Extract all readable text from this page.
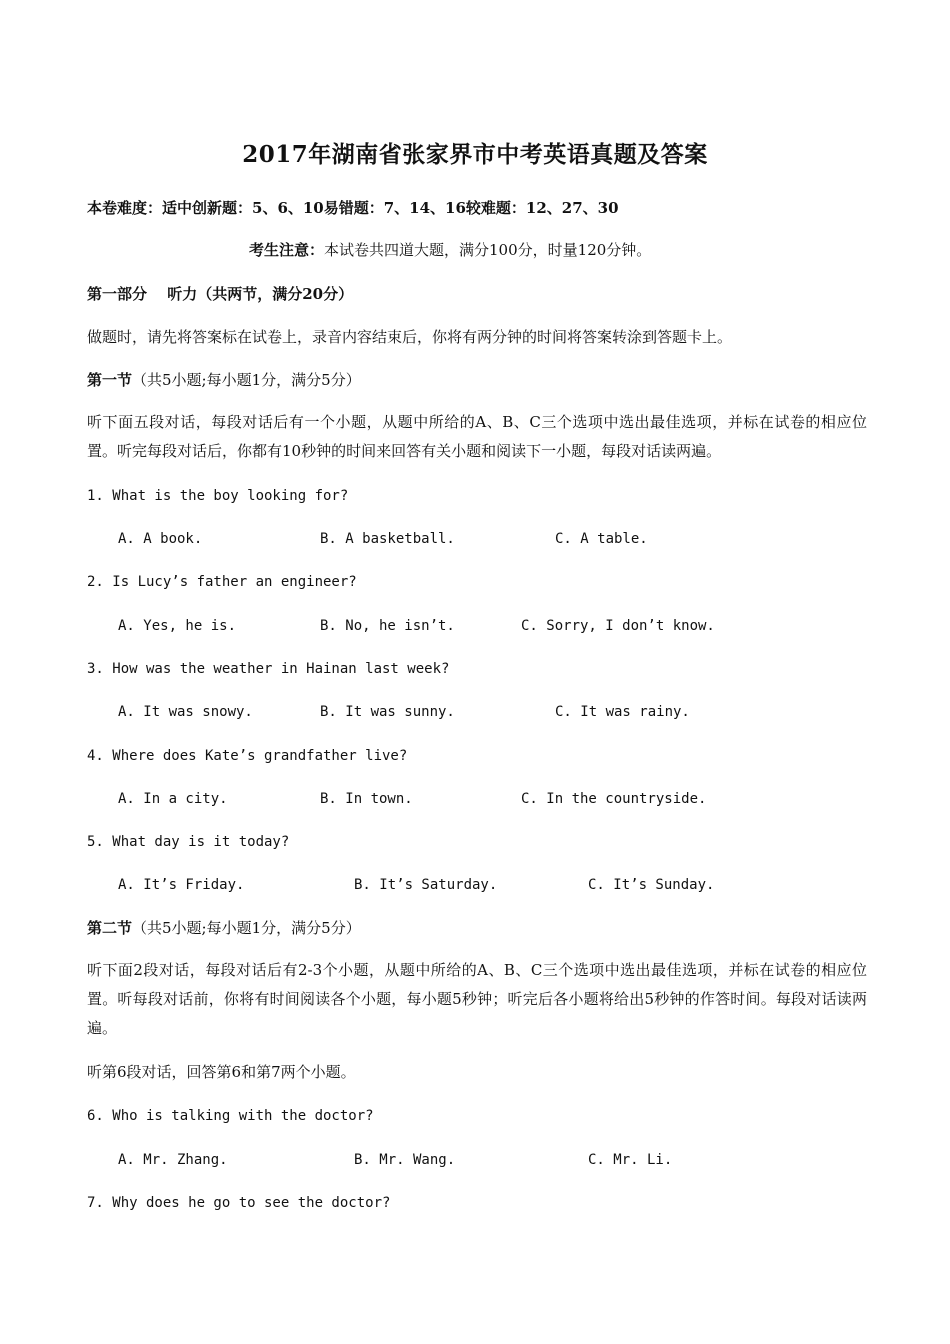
2017年湖南省张家界市中考英语真题及答案
本卷难度：适中创新题：5、6、10易错题：7、14、16较难题：12、27、30
考生注意：本试卷共四道大题，满分100分，时量120分钟。
第一部分　 听力（共两节，满分20分）
做题时，请先将答案标在试卷上，录音内容结束后，你将有两分钟的时间将答案转涂到答题卡上。
第一节（共5小题;每小题1分，满分5分）
听下面五段对话，每段对话后有一个小题，从题中所给的A、B、C三个选项中选出最佳选项，并标在试卷的相应位置。听完每段对话后，你都有10秒钟的时间来回答有关小题和阅读下一小题，每段对话读两遍。
1. What is the boy looking for?
A. A book.	B. A basketball.	C. A table.
2. Is Lucy’s father an engineer?
A. Yes, he is.	B. No, he isn’t.	C. Sorry, I don’t know.
3. How was the weather in Hainan last week?
A. It was snowy.	B. It was sunny.	C. It was rainy.
4. Where does Kate’s grandfather live?
A. In a city.	B. In town.	C. In the countryside.
5. What day is it today?
A. It’s Friday.	B. It’s Saturday.	C. It’s Sunday.
第二节（共5小题;每小题1分，满分5分）
听下面2段对话，每段对话后有2-3个小题，从题中所给的A、B、C三个选项中选出最佳选项，并标在试卷的相应位置。听每段对话前，你将有时间阅读各个小题，每小题5秒钟；听完后各小题将给出5秒钟的作答时间。每段对话读两遍。
听第6段对话，回答第6和第7两个小题。
6. Who is talking with the doctor?
A. Mr. Zhang.	B. Mr. Wang.	C. Mr. Li.
7. Why does he go to see the doctor?
